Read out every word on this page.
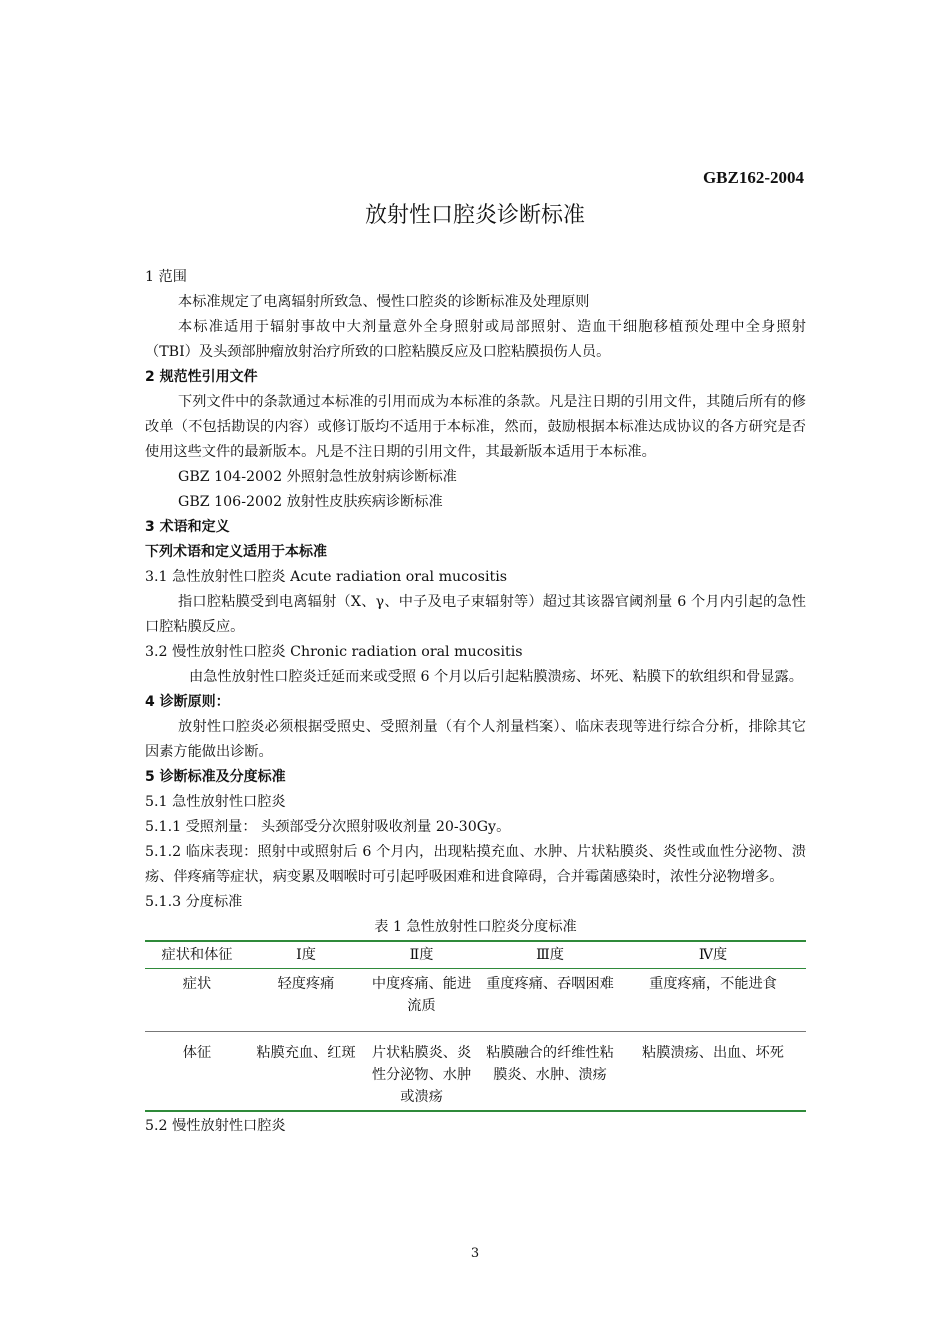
GBZ162-2004
放射性口腔炎诊断标准

1 范围

本标准规定了电离辐射所致急、慢性口腔炎的诊断标准及处理原则

本标准适用于辐射事故中大剂量意外全身照射或局部照射、造血干细胞移植预处理中全身照射（TBI）及头颈部肿瘤放射治疗所致的口腔粘膜反应及口腔粘膜损伤人员。

2 规范性引用文件

下列文件中的条款通过本标准的引用而成为本标准的条款。凡是注日期的引用文件，其随后所有的修改单（不包括勘误的内容）或修订版均不适用于本标准，然而，鼓励根据本标准达成协议的各方研究是否使用这些文件的最新版本。凡是不注日期的引用文件，其最新版本适用于本标准。

GBZ 104-2002 外照射急性放射病诊断标准

GBZ 106-2002 放射性皮肤疾病诊断标准

3 术语和定义

下列术语和定义适用于本标准

3.1 急性放射性口腔炎 Acute radiation oral mucositis

指口腔粘膜受到电离辐射（X、γ、中子及电子束辐射等）超过其该器官阈剂量 6 个月内引起的急性口腔粘膜反应。

3.2 慢性放射性口腔炎 Chronic radiation oral mucositis

由急性放射性口腔炎迁延而来或受照 6 个月以后引起粘膜溃疡、坏死、粘膜下的软组织和骨显露。

4 诊断原则：

放射性口腔炎必须根据受照史、受照剂量（有个人剂量档案）、临床表现等进行综合分析，排除其它因素方能做出诊断。

5 诊断标准及分度标准

5.1 急性放射性口腔炎

5.1.1 受照剂量： 头颈部受分次照射吸收剂量 20-30Gy。

5.1.2 临床表现：照射中或照射后 6 个月内，出现粘摸充血、水肿、片状粘膜炎、炎性或血性分泌物、溃疡、伴疼痛等症状，病变累及咽喉时可引起呼吸困难和进食障碍，合并霉菌感染时，浓性分泌物增多。

5.1.3 分度标准

表 1 急性放射性口腔炎分度标准

症状和体征	Ⅰ度	Ⅱ度	Ⅲ度	Ⅳ度
症状	轻度疼痛	中度疼痛、能进流质	重度疼痛、吞咽困难	重度疼痛，不能进食
体征	粘膜充血、红斑	片状粘膜炎、炎性分泌物、水肿或溃疡	粘膜融合的纤维性粘膜炎、水肿、溃疡	粘膜溃疡、出血、坏死

5.2 慢性放射性口腔炎

3
